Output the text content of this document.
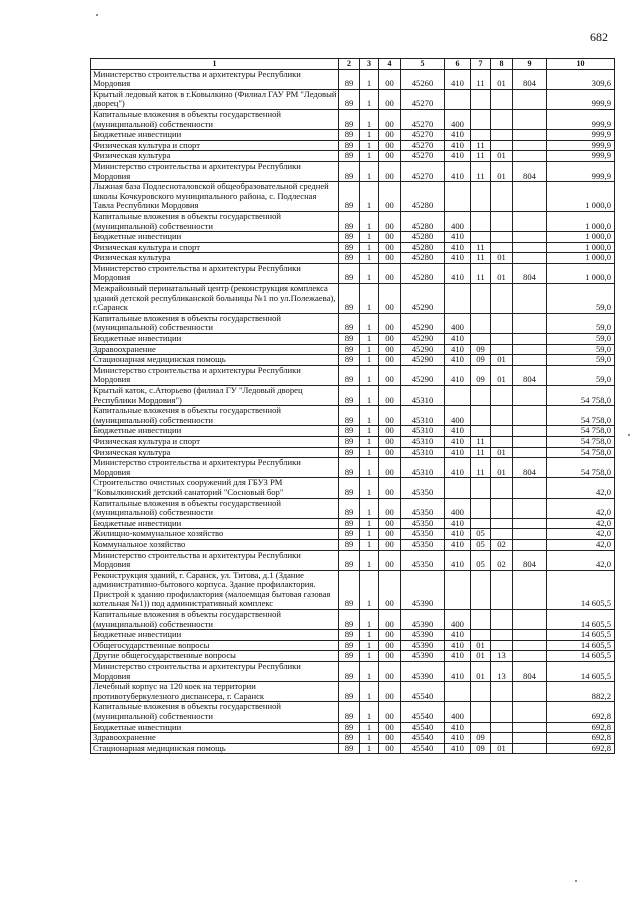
682
1	2	3	4	5	6	7	8	9	10
Министерство строительства и архитектуры Республики Мордовия	89	1	00	45260	410	11	01	804	309,6
Крытый ледовый каток в г.Ковылкино (Филиал ГАУ РМ "Ледовый дворец")	89	1	00	45270					999,9
Капитальные вложения в объекты государственной (муниципальной) собственности	89	1	00	45270	400				999,9
Бюджетные инвестиции	89	1	00	45270	410				999,9
Физическая культура и спорт	89	1	00	45270	410	11			999,9
Физическая культура	89	1	00	45270	410	11	01		999,9
Министерство строительства и архитектуры Республики Мордовия	89	1	00	45270	410	11	01	804	999,9
Лыжная база Подлесноталовской общеобразовательной средней школы Кочкуровского муниципального района, с. Подлесная Тавла Республики Мордовия	89	1	00	45280					1 000,0
Капитальные вложения в объекты государственной (муниципальной) собственности	89	1	00	45280	400				1 000,0
Бюджетные инвестиции	89	1	00	45280	410				1 000,0
Физическая культура и спорт	89	1	00	45280	410	11			1 000,0
Физическая культура	89	1	00	45280	410	11	01		1 000,0
Министерство строительства и архитектуры Республики Мордовия	89	1	00	45280	410	11	01	804	1 000,0
Межрайонный перинатальный центр (реконструкция комплекса зданий детской республиканской больницы №1 по ул.Полежаева), г.Саранск	89	1	00	45290					59,0
Капитальные вложения в объекты государственной (муниципальной) собственности	89	1	00	45290	400				59,0
Бюджетные инвестиции	89	1	00	45290	410				59,0
Здравоохранение	89	1	00	45290	410	09			59,0
Стационарная медицинская помощь	89	1	00	45290	410	09	01		59,0
Министерство строительства и архитектуры Республики Мордовия	89	1	00	45290	410	09	01	804	59,0
Крытый каток, с.Атюрьево (филиал ГУ "Ледовый дворец Республики Мордовия")	89	1	00	45310					54 758,0
Капитальные вложения в объекты государственной (муниципальной) собственности	89	1	00	45310	400				54 758,0
Бюджетные инвестиции	89	1	00	45310	410				54 758,0
Физическая культура и спорт	89	1	00	45310	410	11			54 758,0
Физическая культура	89	1	00	45310	410	11	01		54 758,0
Министерство строительства и архитектуры Республики Мордовия	89	1	00	45310	410	11	01	804	54 758,0
Строительство очистных сооружений для ГБУЗ РМ "Ковылкинский детский санаторий "Сосновый бор"	89	1	00	45350					42,0
Капитальные вложения в объекты государственной (муниципальной) собственности	89	1	00	45350	400				42,0
Бюджетные инвестиции	89	1	00	45350	410				42,0
Жилищно-коммунальное хозяйство	89	1	00	45350	410	05			42,0
Коммунальное хозяйство	89	1	00	45350	410	05	02		42,0
Министерство строительства и архитектуры Республики Мордовия	89	1	00	45350	410	05	02	804	42,0
Реконструкция зданий, г. Саранск, ул. Титова, д.1 (Здание административно-бытового корпуса. Здание профилактория. Пристрой к зданию профилактория (малоемщая бытовая газовая котельная №1)) под административный комплекс	89	1	00	45390					14 605,5
Капитальные вложения в объекты государственной (муниципальной) собственности	89	1	00	45390	400				14 605,5
Бюджетные инвестиции	89	1	00	45390	410				14 605,5
Общегосударственные вопросы	89	1	00	45390	410	01			14 605,5
Другие общегосударственные вопросы	89	1	00	45390	410	01	13		14 605,5
Министерство строительства и архитектуры Республики Мордовия	89	1	00	45390	410	01	13	804	14 605,5
Лечебный корпус на 120 коек на территории противотуберкулезного диспансера, г. Саранск	89	1	00	45540					882,2
Капитальные вложения в объекты государственной (муниципальной) собственности	89	1	00	45540	400				692,8
Бюджетные инвестиции	89	1	00	45540	410				692,8
Здравоохранение	89	1	00	45540	410	09			692,8
Стационарная медицинская помощь	89	1	00	45540	410	09	01		692,8
